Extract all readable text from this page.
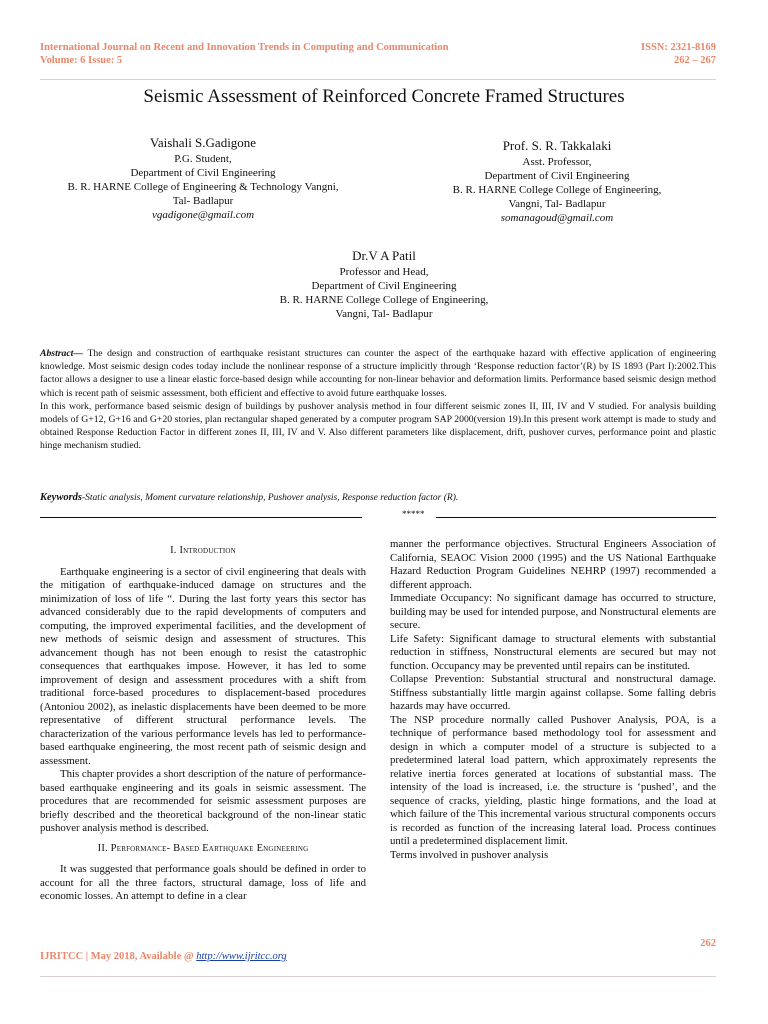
International Journal on Recent and Innovation Trends in Computing and Communication
Volume: 6 Issue: 5
ISSN: 2321-8169
262 – 267
Seismic Assessment of Reinforced Concrete Framed Structures
Vaishali S.Gadigone
P.G. Student,
Department of Civil Engineering
B. R. HARNE College of Engineering & Technology Vangni,
Tal- Badlapur
vgadigone@gmail.com
Prof. S. R. Takkalaki
Asst. Professor,
Department of Civil Engineering
B. R. HARNE College College of Engineering,
Vangni, Tal- Badlapur
somanagoud@gmail.com
Dr.V A Patil
Professor and Head,
Department of Civil Engineering
B. R. HARNE College College of Engineering,
Vangni, Tal- Badlapur

Abstract— The design and construction of earthquake resistant structures can counter the aspect of the earthquake hazard with effective application of engineering knowledge. Most seismic design codes today include the nonlinear response of a structure implicitly through ‘Response reduction factor’(R) by IS 1893 (Part I):2002.This factor allows a designer to use a linear elastic force-based design while accounting for non-linear behavior and deformation limits. Performance based seismic design method which is recent path of seismic assessment, both efficient and effective to avoid future earthquake losses.

In this work, performance based seismic design of buildings by pushover analysis method in four different seismic zones II, III, IV and V studied. For analysis building models of G+12, G+16 and G+20 stories, plan rectangular shaped generated by a computer program SAP 2000(version 19).In this present work attempt is made to study and obtained Response Reduction Factor in different zones II, III, IV and V. Also different parameters like displacement, drift, pushover curves, performance point and plastic hinge mechanism studied.

Keywords-Static analysis, Moment curvature relationship, Pushover analysis, Response reduction factor (R).
*****
I. Introduction

Earthquake engineering is a sector of civil engineering that deals with the mitigation of earthquake-induced damage on structures and the minimization of loss of life “. During the last forty years this sector has advanced considerably due to the rapid developments of computers and computing, the improved experimental facilities, and the development of new methods of seismic design and assessment of structures. This advancement though has not been enough to resist the catastrophic consequences that earthquakes impose. However, it has led to some improvement of design and assessment procedures with a shift from traditional force-based procedures to displacement-based procedures (Antoniou 2002), as inelastic displacements have been deemed to be more representative of different structural performance levels. The characterization of the various performance levels has led to performance-based earthquake engineering, the most recent path of seismic design and assessment.

This chapter provides a short description of the nature of performance-based earthquake engineering and its goals in seismic assessment. The procedures that are recommended for seismic assessment purposes are briefly described and the theoretical background of the non-linear static pushover analysis method is described.

II. Performance- Based Earthquake Engineering

It was suggested that performance goals should be defined in order to account for all the three factors, structural damage, loss of life and economic losses. An attempt to define in a clear

manner the performance objectives. Structural Engineers Association of California, SEAOC Vision 2000 (1995) and the US National Earthquake Hazard Reduction Program Guidelines NEHRP (1997) recommended a different approach.

Immediate Occupancy: No significant damage has occurred to structure, building may be used for intended purpose, and Nonstructural elements are secure.

Life Safety: Significant damage to structural elements with substantial reduction in stiffness, Nonstructural elements are secured but may not function. Occupancy may be prevented until repairs can be instituted.

Collapse Prevention: Substantial structural and nonstructural damage. Stiffness substantially little margin against collapse. Some falling debris hazards may have occurred.

The NSP procedure normally called Pushover Analysis, POA, is a technique of performance based methodology tool for assessment and design in which a computer model of a structure is subjected to a predetermined lateral load pattern, which approximately represents the relative inertia forces generated at locations of substantial mass. The intensity of the load is increased, i.e. the structure is ‘pushed’, and the sequence of cracks, yielding, plastic hinge formations, and the load at which failure of the This incremental various structural components occurs is recorded as function of the increasing lateral load. Process continues until a predetermined displacement limit.

Terms involved in pushover analysis

262
IJRITCC | May 2018, Available @ http://www.ijritcc.org
